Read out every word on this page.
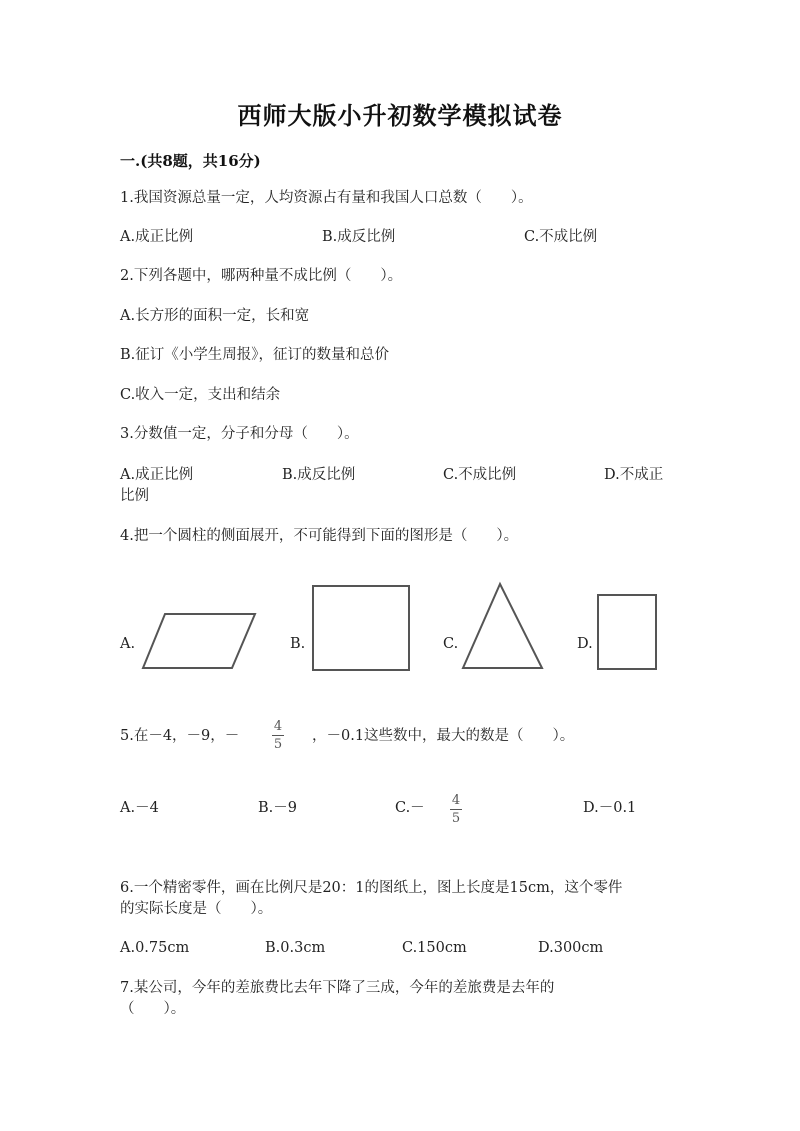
西师大版小升初数学模拟试卷
一.(共8题，共16分)
1.我国资源总量一定，人均资源占有量和我国人口总数（　　）。
A.成正比例	B.成反比例	C.不成比例
2.下列各题中，哪两种量不成比例（　　）。
A.长方形的面积一定，长和宽
B.征订《小学生周报》，征订的数量和总价
C.收入一定，支出和结余
3.分数值一定，分子和分母（　　）。
A.成正比例	B.成反比例	C.不成比例	D.不成正
比例
4.把一个圆柱的侧面展开，不可能得到下面的图形是（　　）。
A.	B.	C.	D.
5.在－4，－9，－
4
5
，－0.1这些数中，最大的数是（　　）。
A.－4	B.－9	C.－ 4
5
D.－0.1
6.一个精密零件，画在比例尺是20：1的图纸上，图上长度是15cm，这个零件
的实际长度是（　　）。
A.0.75cm	B.0.3cm	C.150cm	D.300cm
7.某公司，今年的差旅费比去年下降了三成，今年的差旅费是去年的
（　　）。
